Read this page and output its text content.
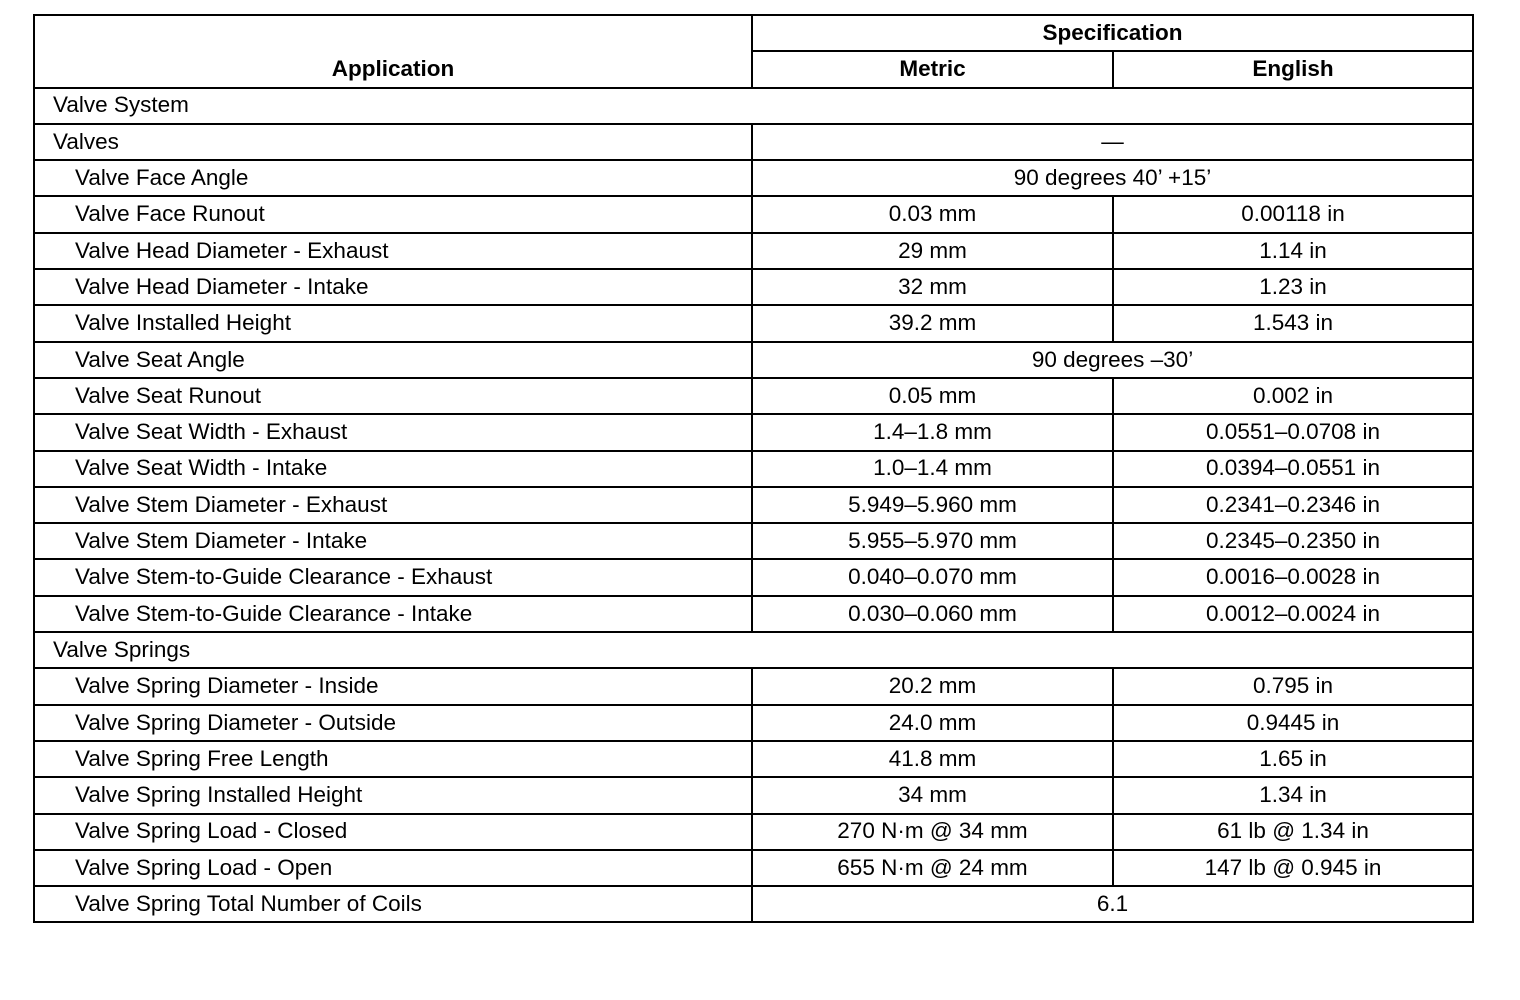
Application	Specification	
	Metric	English
Valve System		
Valves	—	
Valve Face Angle	90 degrees 40’ +15’	
Valve Face Runout	0.03 mm	0.00118 in
Valve Head Diameter - Exhaust	29 mm	1.14 in
Valve Head Diameter - Intake	32 mm	1.23 in
Valve Installed Height	39.2 mm	1.543 in
Valve Seat Angle	90 degrees –30’	
Valve Seat Runout	0.05 mm	0.002 in
Valve Seat Width - Exhaust	1.4–1.8 mm	0.0551–0.0708 in
Valve Seat Width - Intake	1.0–1.4 mm	0.0394–0.0551 in
Valve Stem Diameter - Exhaust	5.949–5.960 mm	0.2341–0.2346 in
Valve Stem Diameter - Intake	5.955–5.970 mm	0.2345–0.2350 in
Valve Stem-to-Guide Clearance - Exhaust	0.040–0.070 mm	0.0016–0.0028 in
Valve Stem-to-Guide Clearance - Intake	0.030–0.060 mm	0.0012–0.0024 in
Valve Springs		
Valve Spring Diameter - Inside	20.2 mm	0.795 in
Valve Spring Diameter - Outside	24.0 mm	0.9445 in
Valve Spring Free Length	41.8 mm	1.65 in
Valve Spring Installed Height	34 mm	1.34 in
Valve Spring Load - Closed	270 N·m @ 34 mm	61 lb @ 1.34 in
Valve Spring Load - Open	655 N·m @ 24 mm	147 lb @ 0.945 in
Valve Spring Total Number of Coils	6.1	
